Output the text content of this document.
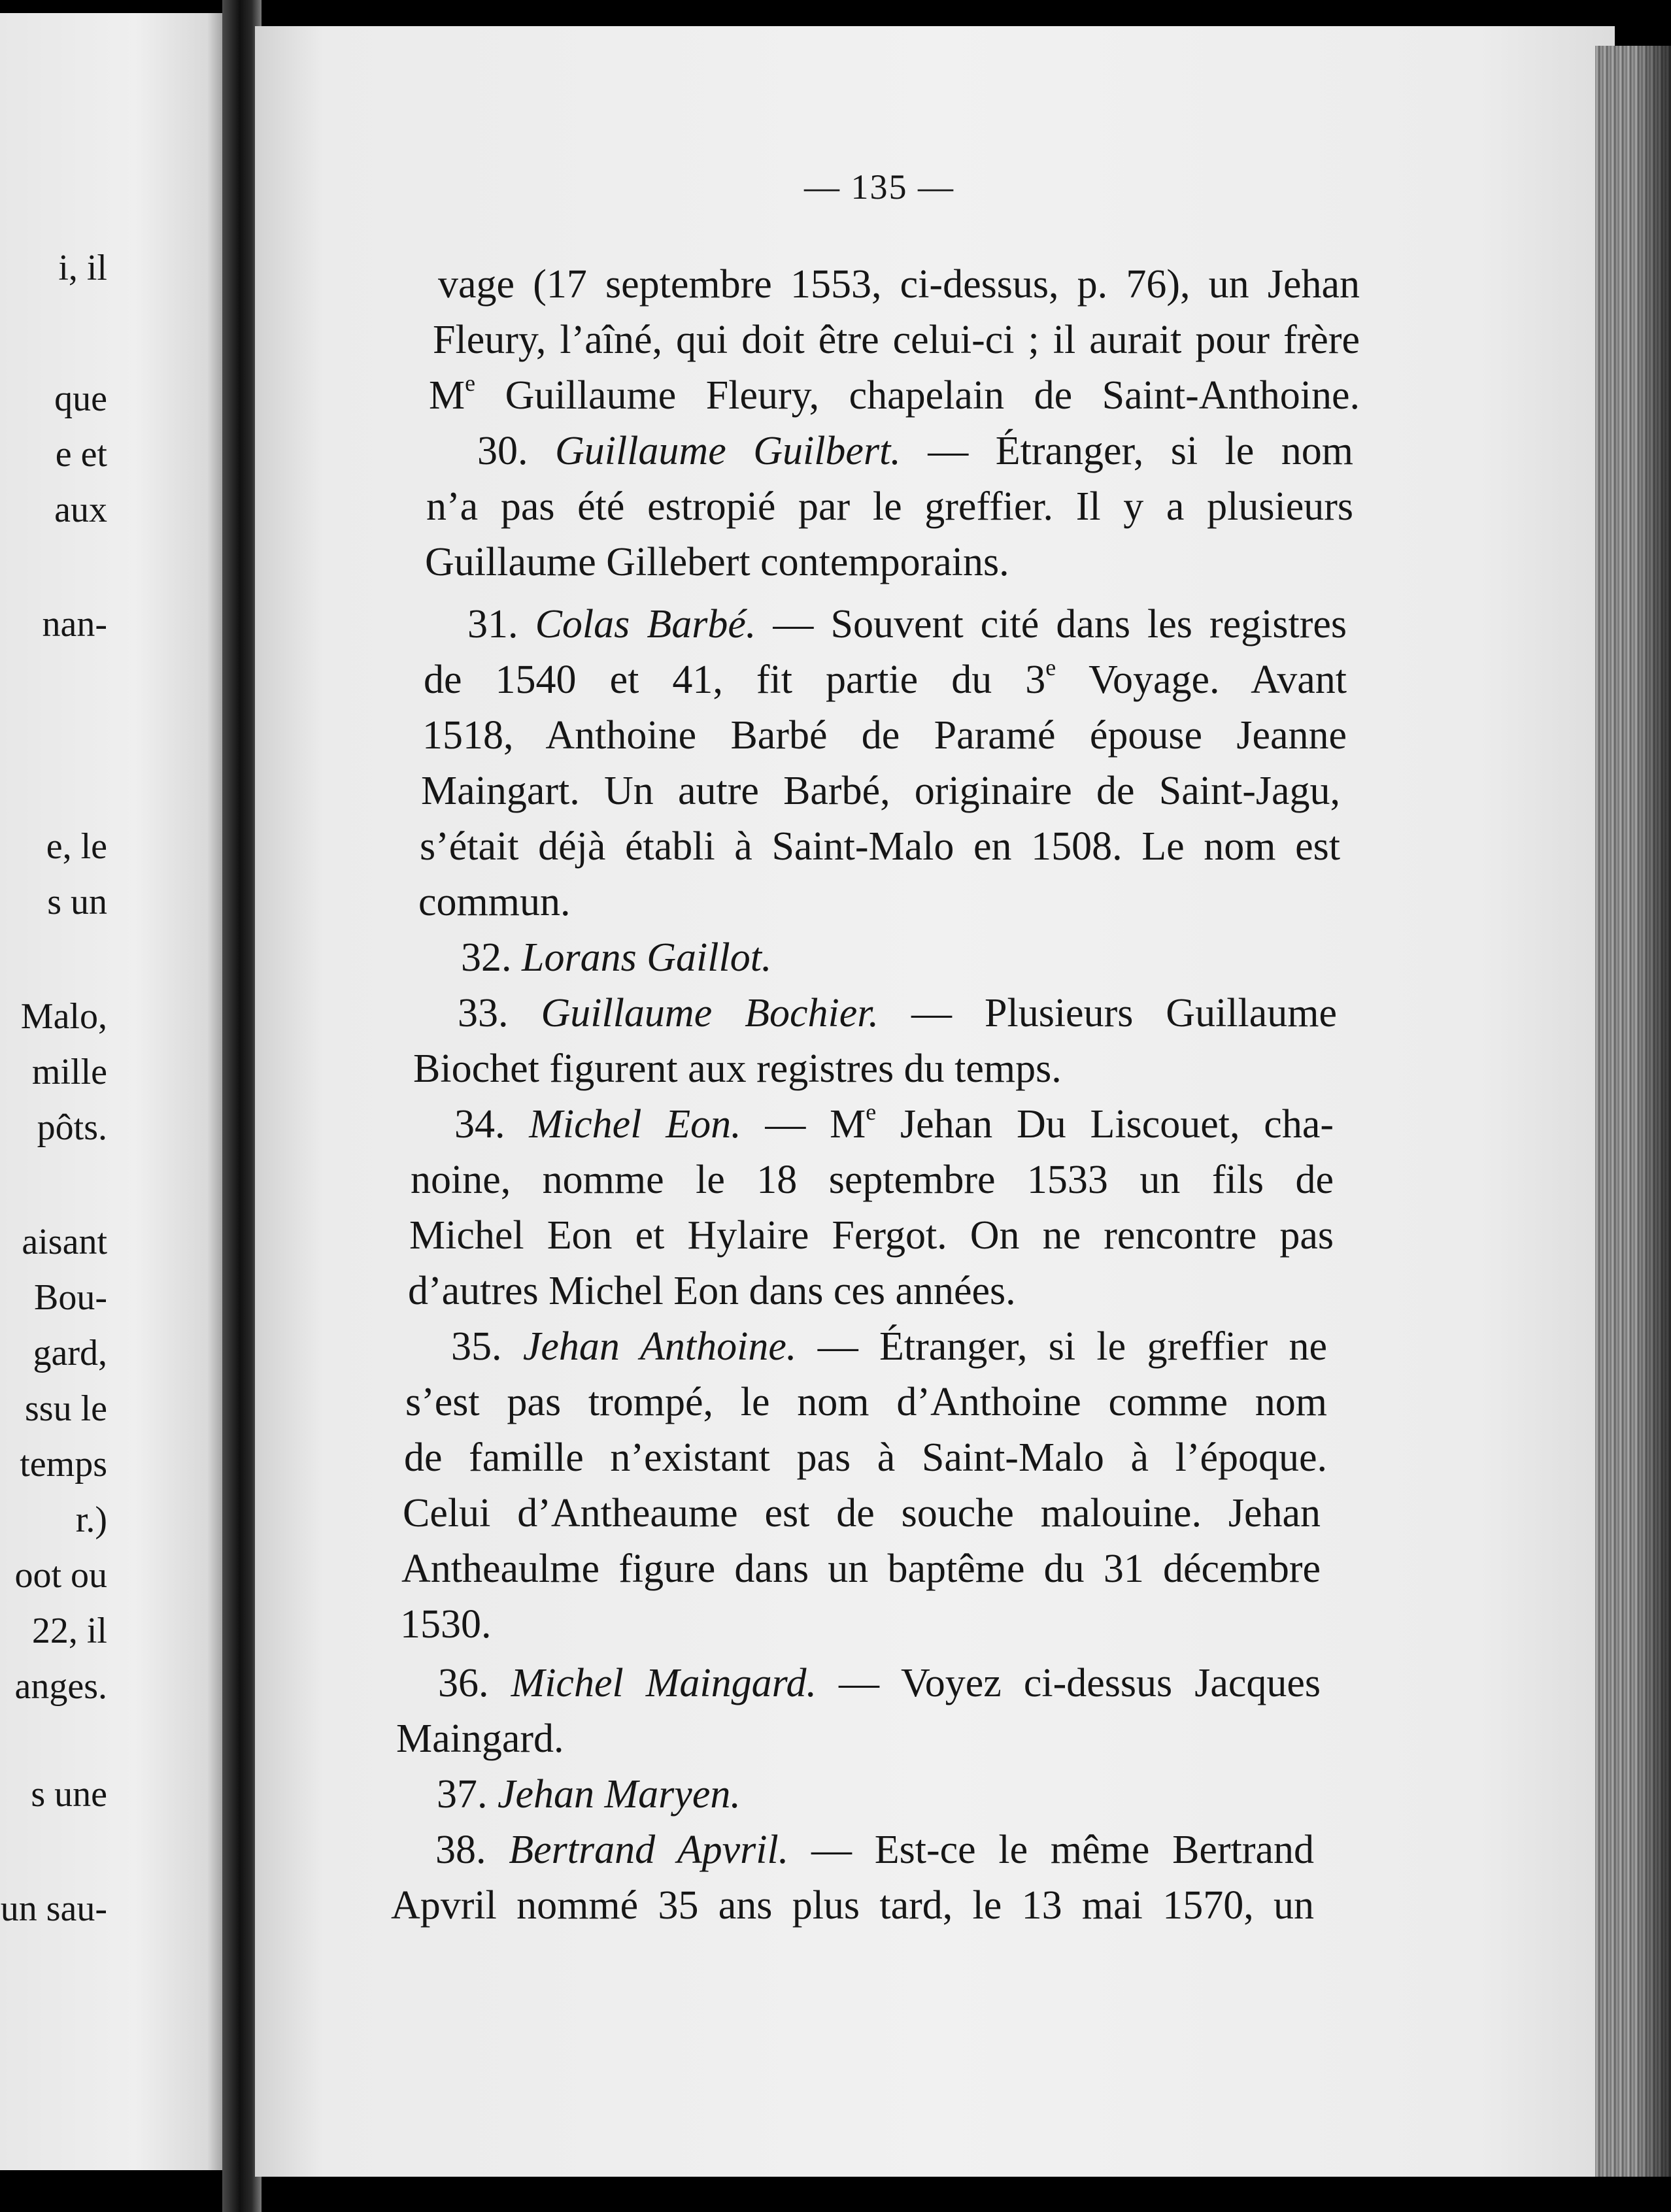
i, il
que
e et
aux
nan-
e, le
s un
Malo,
mille
pôts.
aisant
Bou-
gard,
ssu le
temps
r.)
oot ou
22, il
anges.
s une
un sau-
— 135 —
vage (17 septembre 1553, ci-dessus, p. 76), un Jehan
Fleury, l’aîné, qui doit être celui-ci ; il aurait pour frère
Me Guillaume Fleury, chapelain de Saint-Anthoine.
30. Guillaume Guilbert. — Étranger, si le nom
n’a pas été estropié par le greffier. Il y a plusieurs
Guillaume Gillebert contemporains.
31. Colas Barbé. — Souvent cité dans les registres
de 1540 et 41, fit partie du 3e Voyage. Avant
1518, Anthoine Barbé de Paramé épouse Jeanne
Maingart. Un autre Barbé, originaire de Saint-Jagu,
s’était déjà établi à Saint-Malo en 1508. Le nom est
commun.
32. Lorans Gaillot.
33. Guillaume Bochier. — Plusieurs Guillaume
Biochet figurent aux registres du temps.
34. Michel Eon. — Me Jehan Du Liscouet, cha-
noine, nomme le 18 septembre 1533 un fils de
Michel Eon et Hylaire Fergot. On ne rencontre pas
d’autres Michel Eon dans ces années.
35. Jehan Anthoine. — Étranger, si le greffier ne
s’est pas trompé, le nom d’Anthoine comme nom
de famille n’existant pas à Saint-Malo à l’époque.
Celui d’Antheaume est de souche malouine. Jehan
Antheaulme figure dans un baptême du 31 décembre
1530.
36. Michel Maingard. — Voyez ci-dessus Jacques
Maingard.
37. Jehan Maryen.
38. Bertrand Apvril. — Est-ce le même Bertrand
Apvril nommé 35 ans plus tard, le 13 mai 1570, un
